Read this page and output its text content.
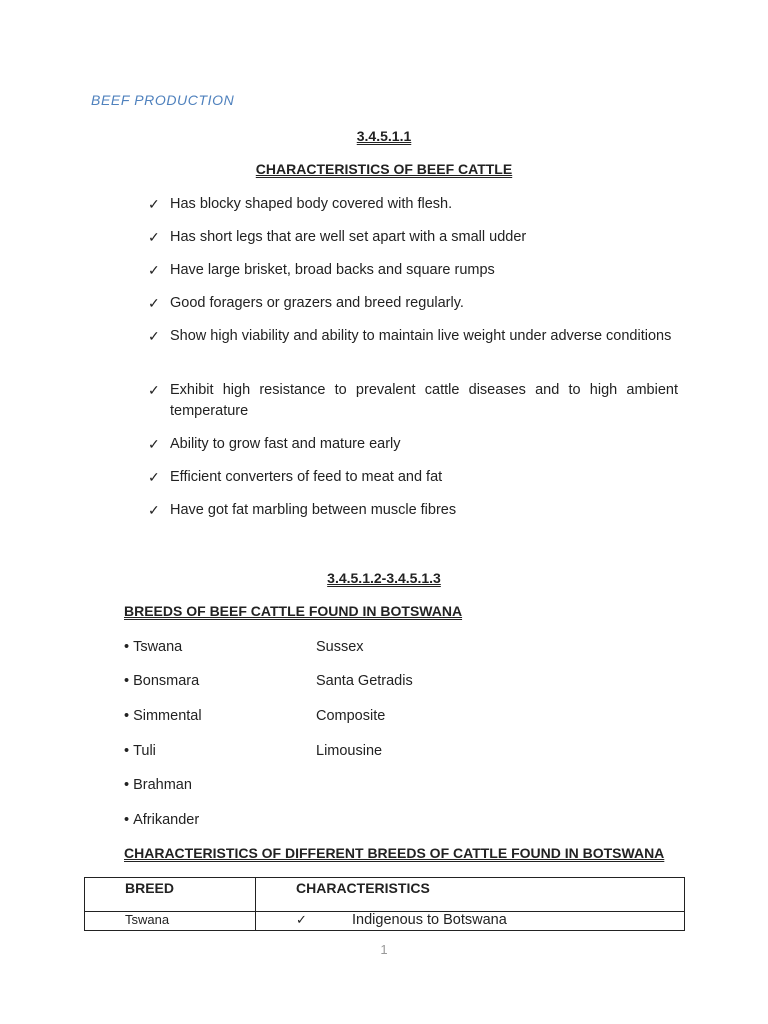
BEEF PRODUCTION
3.4.5.1.1
CHARACTERISTICS OF BEEF CATTLE
✓ Has blocky shaped body covered with flesh.
✓ Has short legs that are well set apart with a small udder
✓ Have large brisket, broad backs and square rumps
✓ Good foragers or grazers and breed regularly.
✓ Show high viability and ability to maintain live weight under adverse conditions
✓ Exhibit high resistance to prevalent cattle diseases and to high ambient temperature
✓ Ability to grow fast and mature early
✓ Efficient converters of feed to meat and fat
✓ Have got fat marbling between muscle fibres
3.4.5.1.2-3.4.5.1.3
BREEDS OF BEEF CATTLE FOUND IN BOTSWANA
• Tswana
• Bonsmara
• Simmental
• Tuli
• Brahman
• Afrikander
Sussex
Santa Getradis
Composite
Limousine
CHARACTERISTICS OF DIFFERENT BREEDS OF CATTLE FOUND IN BOTSWANA
BREED	CHARACTERISTICS

Tswana	✓ Indigenous to Botswana
1
